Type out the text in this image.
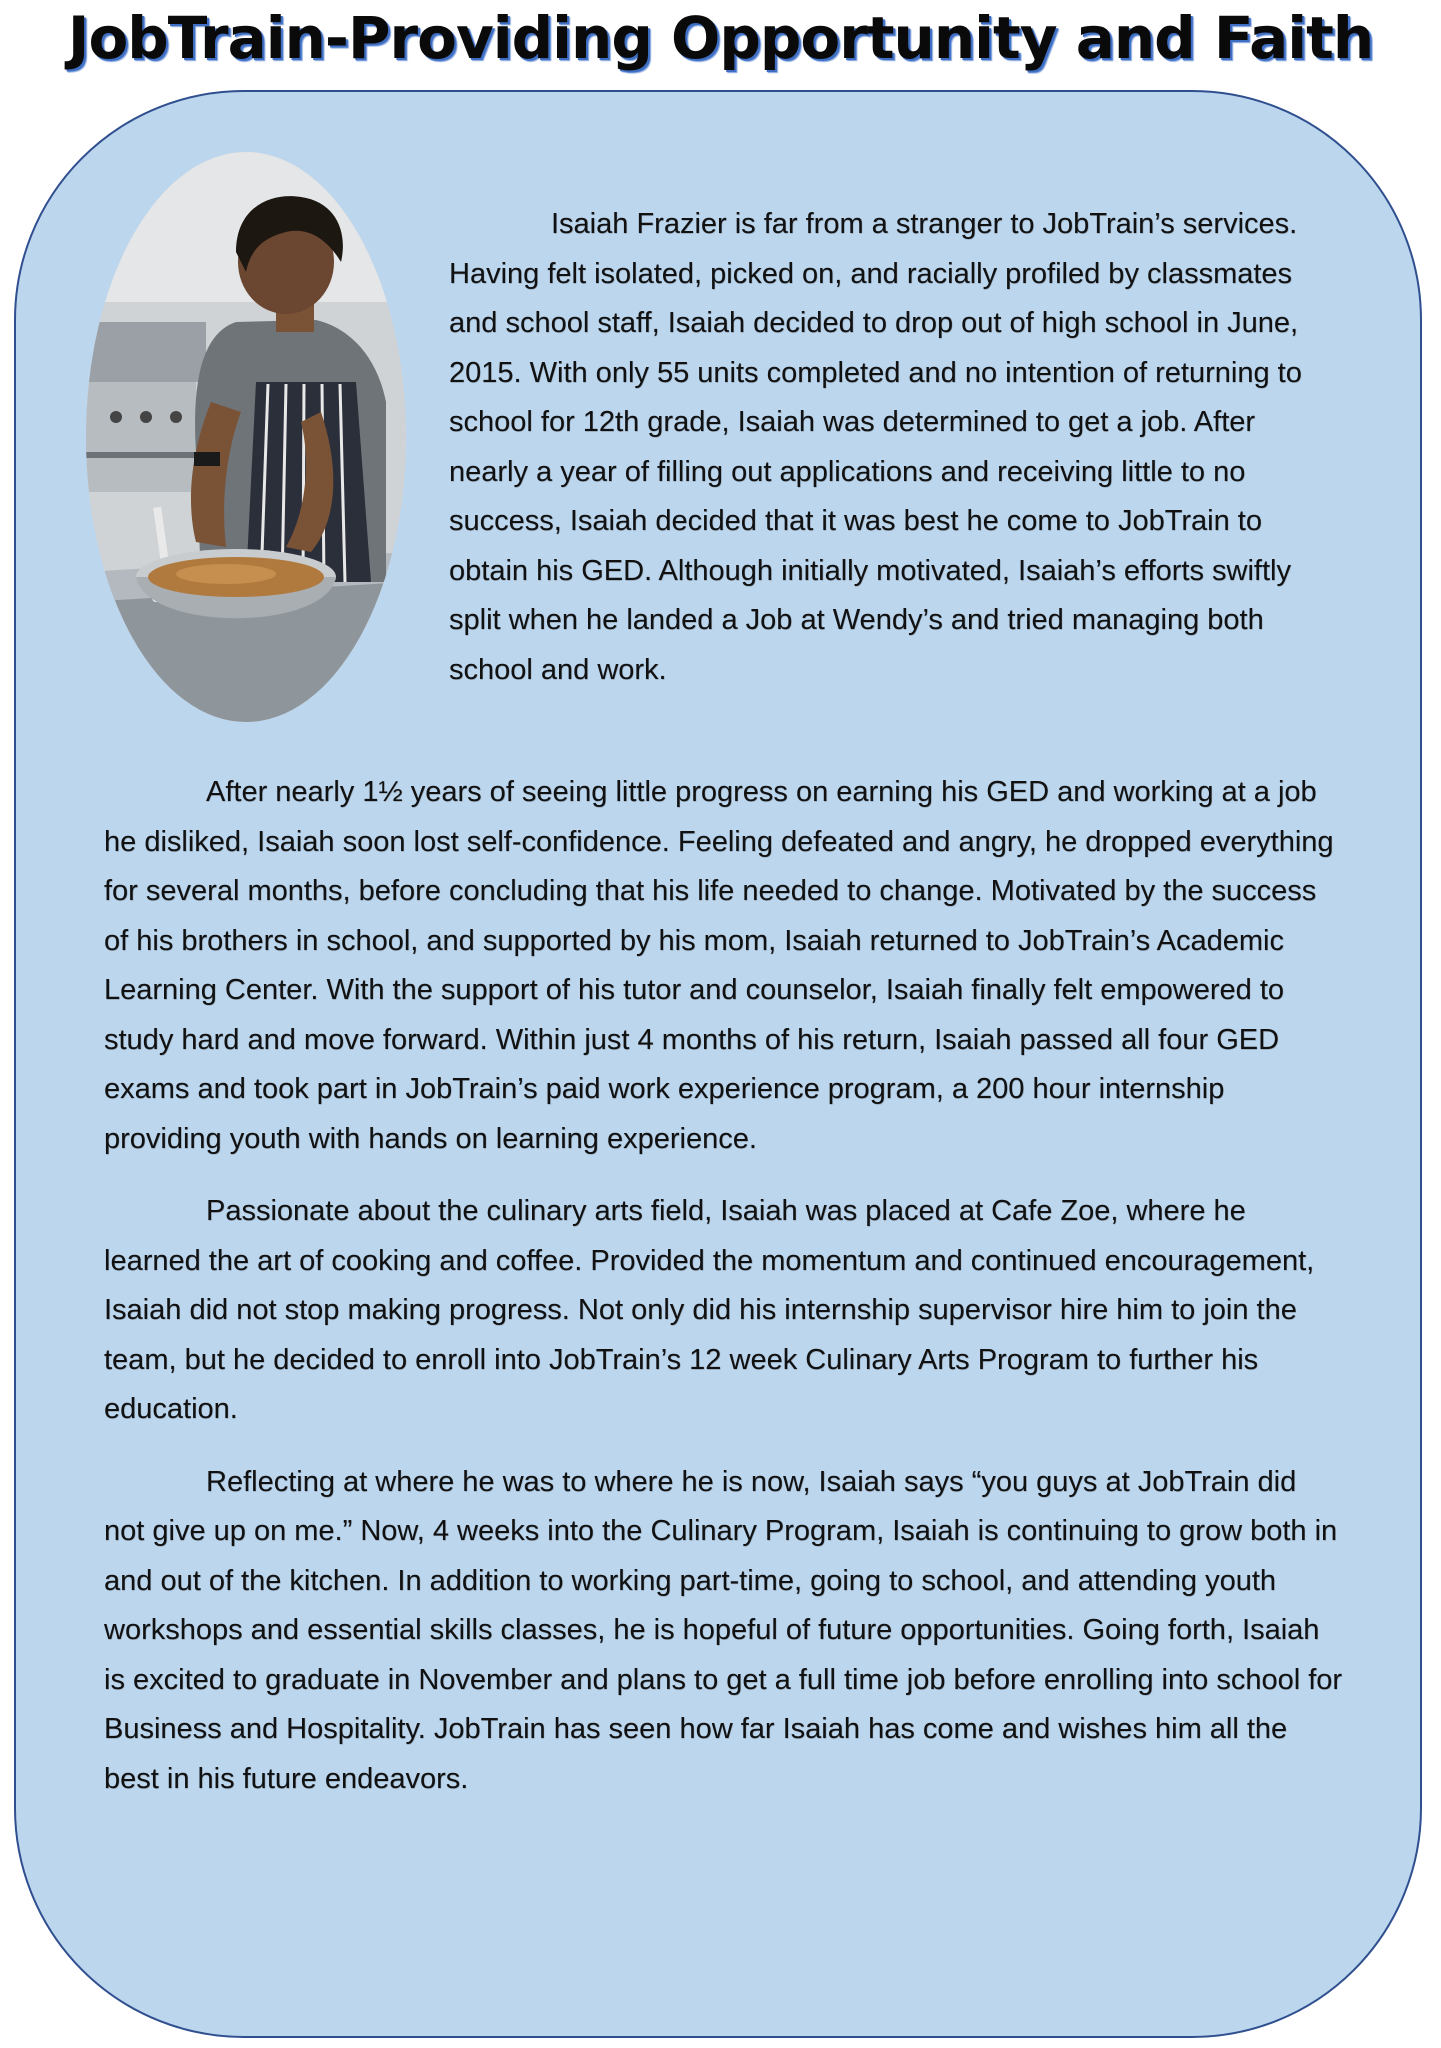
JobTrain-Providing Opportunity and Faith

Isaiah Frazier is far from a stranger to JobTrain’s services. Having felt isolated, picked on, and racially profiled by classmates and school staff, Isaiah decided to drop out of high school in June, 2015. With only 55 units completed and no intention of returning to school for 12th grade, Isaiah was determined to get a job. After nearly a year of filling out applications and receiving little to no success, Isaiah decided that it was best he come to JobTrain to obtain his GED. Although initially motivated, Isaiah’s efforts swiftly split when he landed a Job at Wendy’s and tried managing both school and work.

After nearly 1½ years of seeing little progress on earning his GED and working at a job he disliked, Isaiah soon lost self-confidence. Feeling defeated and angry, he dropped everything for several months, before concluding that his life needed to change. Motivated by the success of his brothers in school, and supported by his mom, Isaiah returned to JobTrain’s Academic Learning Center. With the support of his tutor and counselor, Isaiah finally felt empowered to study hard and move forward. Within just 4 months of his return, Isaiah passed all four GED exams and took part in JobTrain’s paid work experience program, a 200 hour internship providing youth with hands on learning experience.

Passionate about the culinary arts field, Isaiah was placed at Cafe Zoe, where he learned the art of cooking and coffee. Provided the momentum and continued encouragement, Isaiah did not stop making progress. Not only did his internship supervisor hire him to join the team, but he decided to enroll into JobTrain’s 12 week Culinary Arts Program to further his education.

Reflecting at where he was to where he is now, Isaiah says “you guys at JobTrain did not give up on me.” Now, 4 weeks into the Culinary Program, Isaiah is continuing to grow both in and out of the kitchen. In addition to working part-time, going to school, and attending youth workshops and essential skills classes, he is hopeful of future opportunities. Going forth, Isaiah is excited to graduate in November and plans to get a full time job before enrolling into school for Business and Hospitality. JobTrain has seen how far Isaiah has come and wishes him all the best in his future endeavors.
